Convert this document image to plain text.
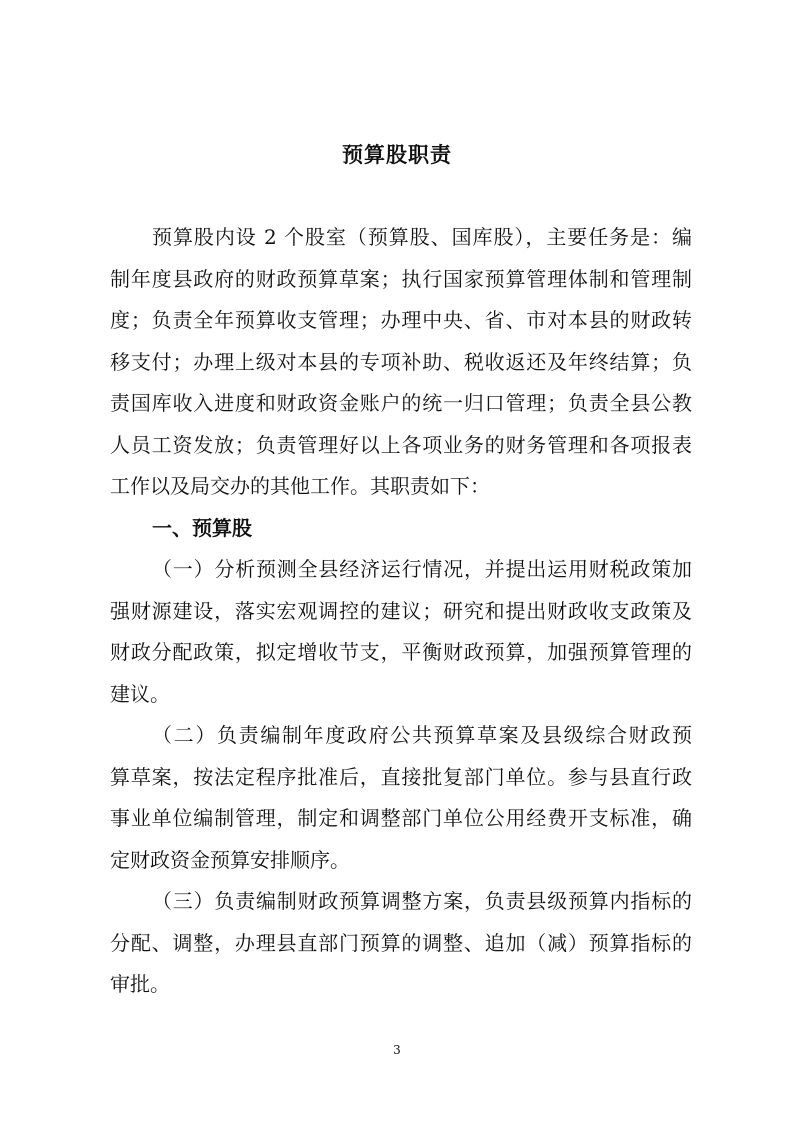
预算股职责
预算股内设 2 个股室（预算股、国库股），主要任务是：编
制年度县政府的财政预算草案；执行国家预算管理体制和管理制
度；负责全年预算收支管理；办理中央、省、市对本县的财政转
移支付；办理上级对本县的专项补助、税收返还及年终结算；负
责国库收入进度和财政资金账户的统一归口管理；负责全县公教
人员工资发放；负责管理好以上各项业务的财务管理和各项报表
工作以及局交办的其他工作。其职责如下：
一、预算股
（一）分析预测全县经济运行情况，并提出运用财税政策加
强财源建设，落实宏观调控的建议；研究和提出财政收支政策及
财政分配政策，拟定增收节支，平衡财政预算，加强预算管理的
建议。
（二）负责编制年度政府公共预算草案及县级综合财政预
算草案，按法定程序批准后，直接批复部门单位。参与县直行政
事业单位编制管理，制定和调整部门单位公用经费开支标准，确
定财政资金预算安排顺序。
（三）负责编制财政预算调整方案，负责县级预算内指标的
分配、调整，办理县直部门预算的调整、追加（减）预算指标的
审批。
3
